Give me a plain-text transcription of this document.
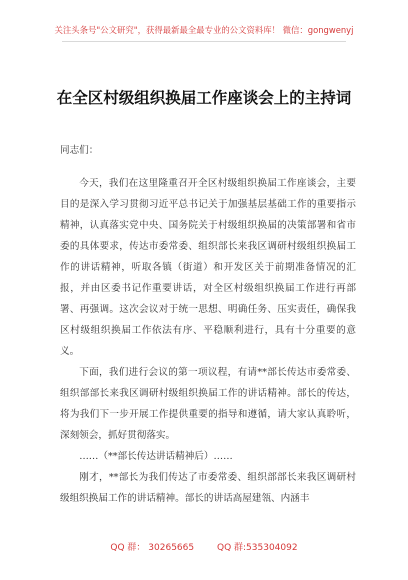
关注头条号"公文研究"，获得最新最全最专业的公文资料库！ 微信：gongwenyj
在全区村级组织换届工作座谈会上的主持词

同志们：

今天，我们在这里隆重召开全区村级组织换届工作座谈会，主要目的是深入学习贯彻习近平总书记关于加强基层基础工作的重要指示精神，认真落实党中央、国务院关于村级组织换届的决策部署和省市委的具体要求，传达市委常委、组织部长来我区调研村级组织换届工作的讲话精神，听取各镇（街道）和开发区关于前期准备情况的汇报，并由区委书记作重要讲话，对全区村级组织换届工作进行再部署、再强调。这次会议对于统一思想、明确任务、压实责任，确保我区村级组织换届工作依法有序、平稳顺利进行，具有十分重要的意义。

下面，我们进行会议的第一项议程，有请**部长传达市委常委、组织部部长来我区调研村级组织换届工作的讲话精神。部长的传达，将为我们下一步开展工作提供重要的指导和遵循，请大家认真聆听，深刻领会，抓好贯彻落实。

……（**部长传达讲话精神后）……

刚才，**部长为我们传达了市委常委、组织部部长来我区调研村级组织换届工作的讲话精神。部长的讲话高屋建瓴、内涵丰

QQ 群： 30265665	QQ 群:535304092
